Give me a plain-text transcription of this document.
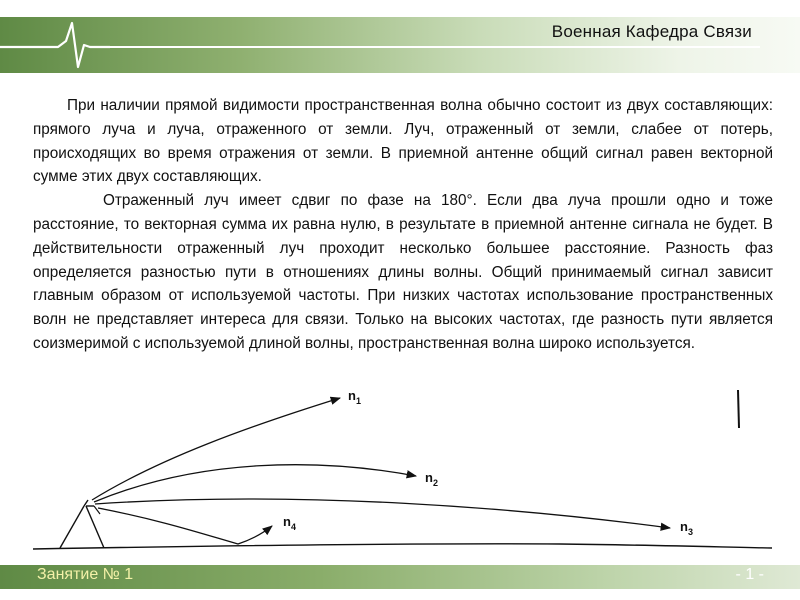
Военная Кафедра Связи

При наличии прямой видимости пространственная волна обычно состоит из двух составляющих: прямого луча и луча, отраженного от земли. Луч, отраженный от земли, слабее от потерь, происходящих во время отражения от земли. В приемной антенне общий сигнал равен векторной сумме этих двух составляющих.

Отраженный луч имеет сдвиг по фазе на 180°. Если два луча прошли одно и тоже расстояние, то векторная сумма их равна нулю, в результате в приемной антенне сигнала не будет. В действительности отраженный луч проходит несколько большее расстояние. Разность фаз определяется разностью пути в отношениях длины волны. Общий принимаемый сигнал зависит главным образом от используемой частоты. При низких частотах использование пространственных волн не представляет интереса для связи. Только на высоких частотах, где разность пути является соизмеримой с используемой длиной волны, пространственная волна широко используется.

$n_1$
$n_2$
$n_3$
$n_4$
Занятие № 1	- 1 -
